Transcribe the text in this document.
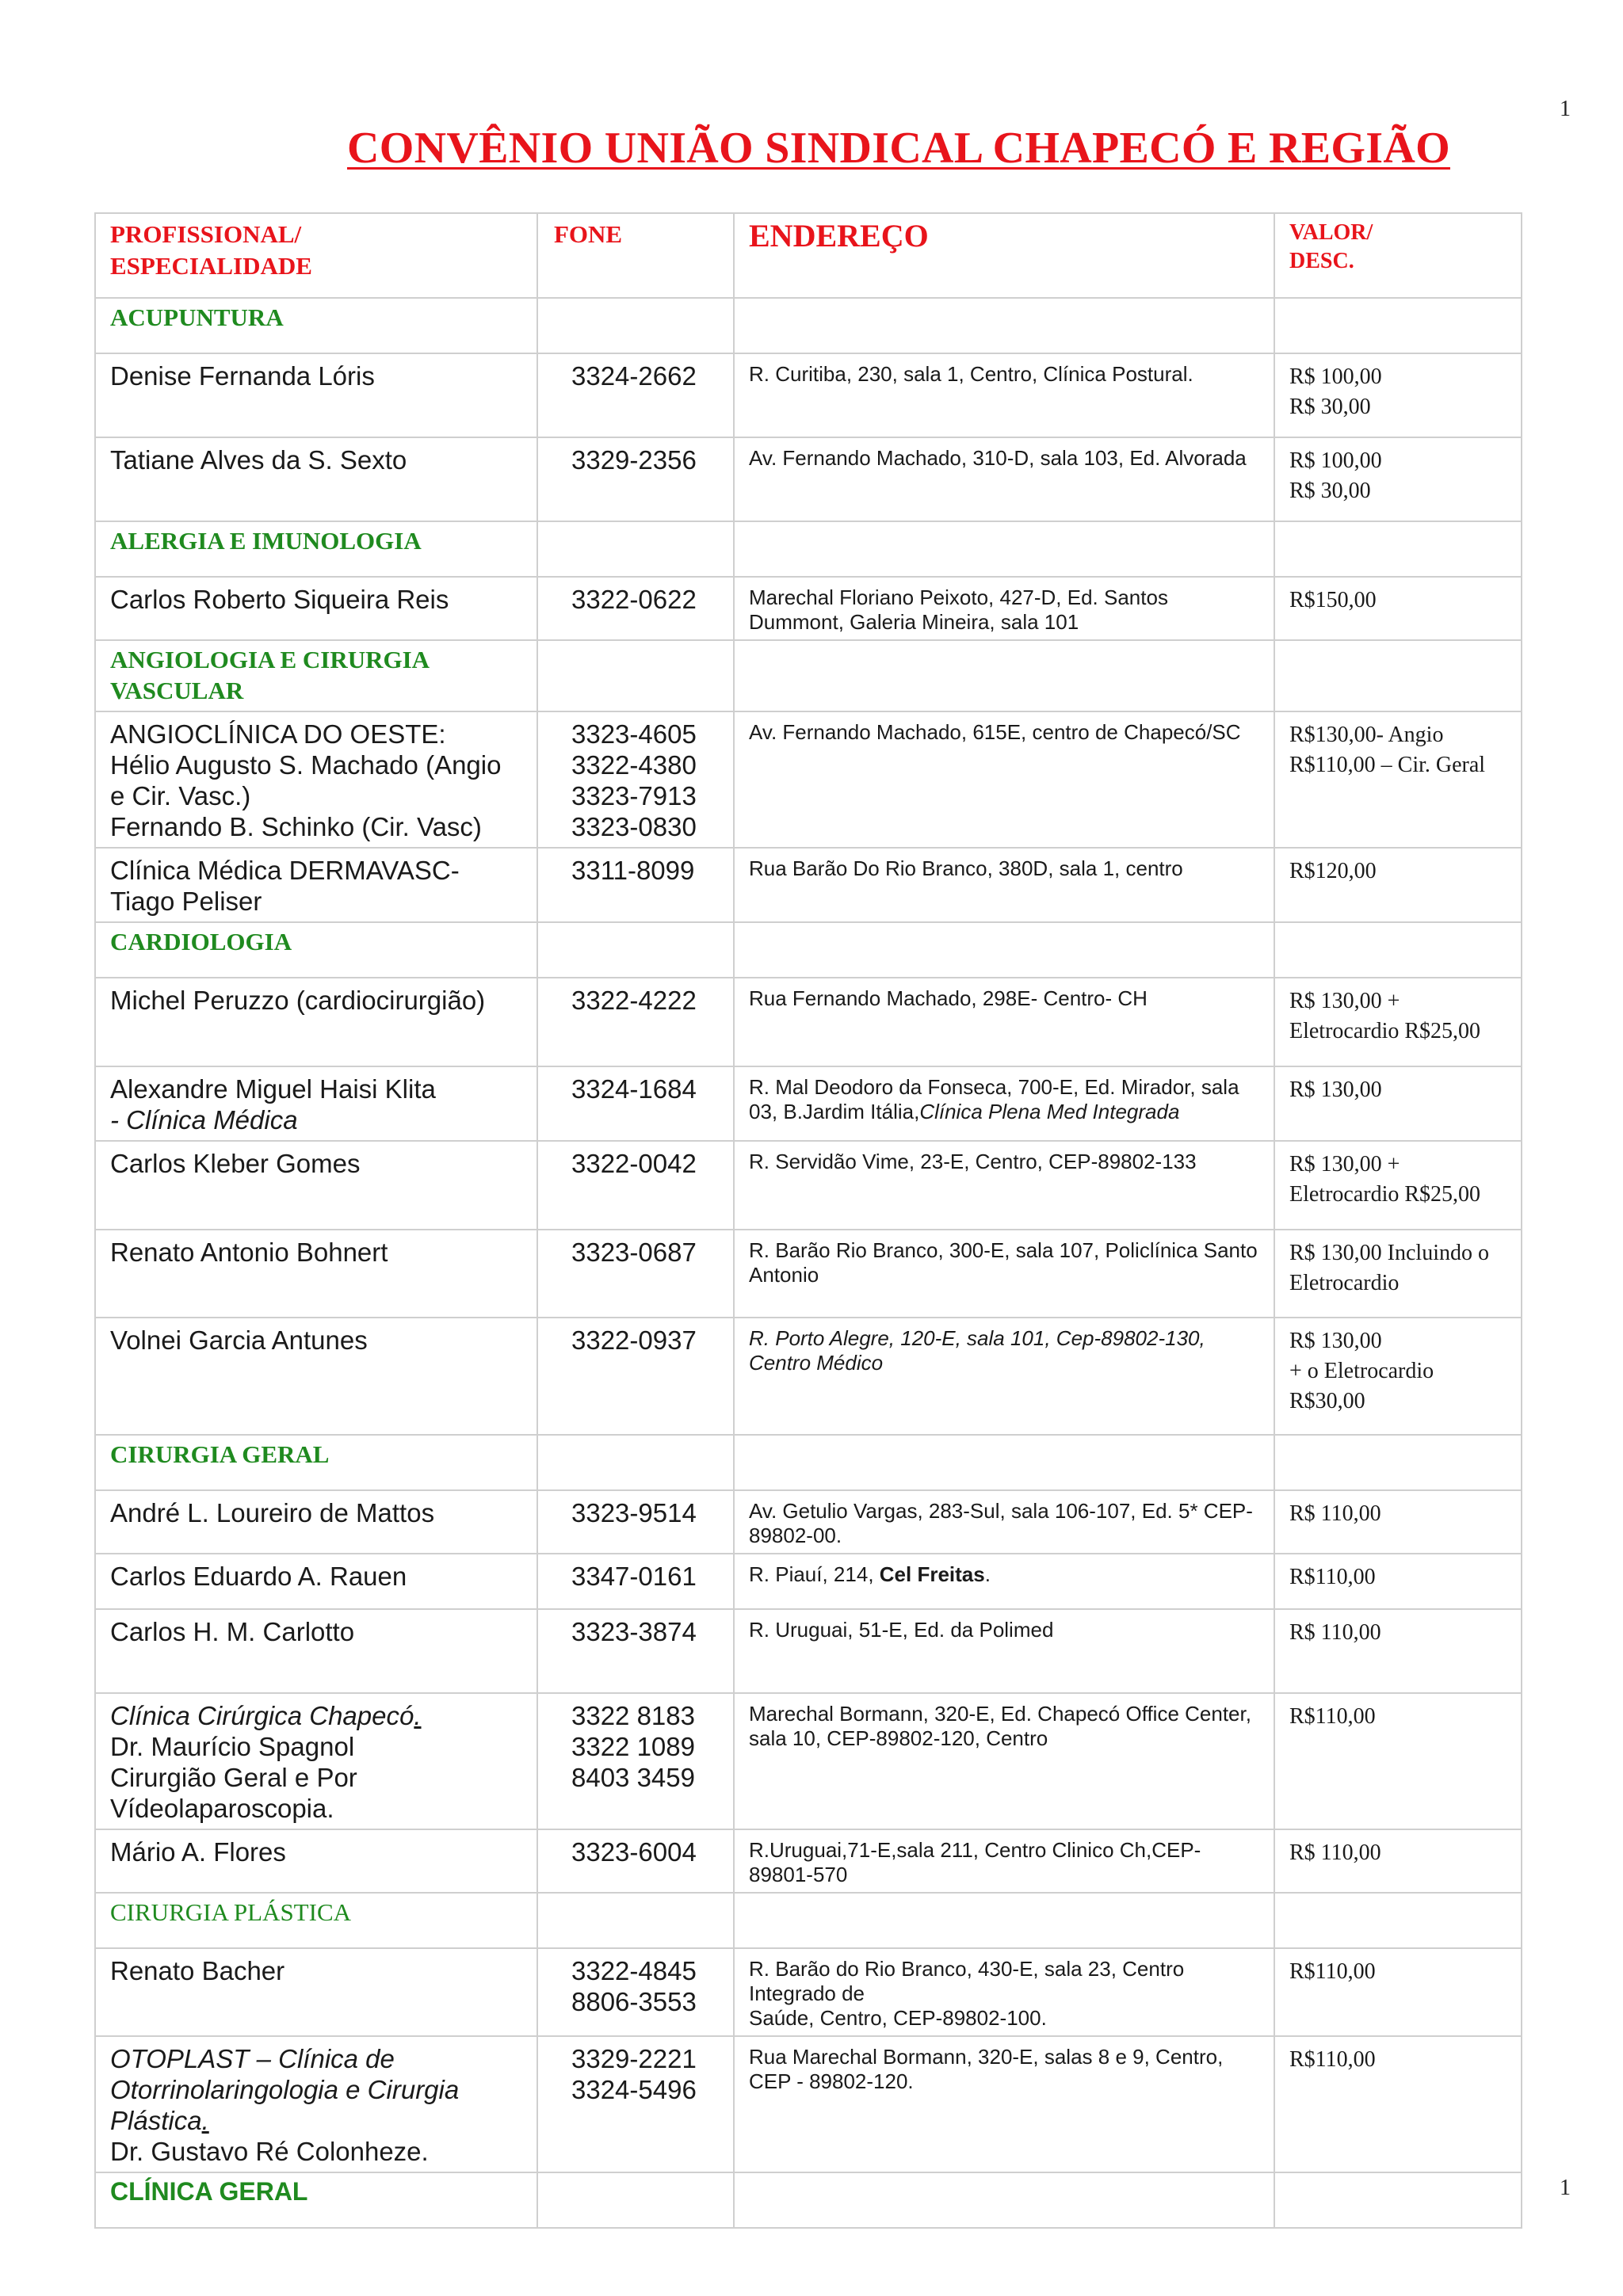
1
CONVÊNIO UNIÃO SINDICAL CHAPECÓ E REGIÃO
PROFISSIONAL/
ESPECIALIDADE	FONE	ENDEREÇO	VALOR/
DESC.
ACUPUNTURA			
Denise Fernanda Lóris	3324-2662	R. Curitiba, 230, sala 1, Centro, Clínica Postural.	R$ 100,00
R$ 30,00
Tatiane Alves da S. Sexto	3329-2356	Av. Fernando Machado, 310-D, sala 103, Ed. Alvorada	R$ 100,00
R$ 30,00
ALERGIA E IMUNOLOGIA			
Carlos Roberto Siqueira Reis	3322-0622	Marechal Floriano Peixoto, 427-D, Ed. Santos Dummont, Galeria Mineira, sala 101	R$150,00
ANGIOLOGIA E CIRURGIA VASCULAR			
ANGIOCLÍNICA DO OESTE:
Hélio Augusto S. Machado (Angio e Cir. Vasc.)
Fernando B. Schinko (Cir. Vasc)	3323-4605
3322-4380
3323-7913
3323-0830	Av. Fernando Machado, 615E, centro de Chapecó/SC	R$130,00- Angio
R$110,00 – Cir. Geral
Clínica Médica DERMAVASC- Tiago Peliser	3311-8099	Rua Barão Do Rio Branco, 380D, sala 1, centro	R$120,00
CARDIOLOGIA			
Michel Peruzzo (cardiocirurgião)	3322-4222	Rua Fernando Machado, 298E- Centro- CH	R$ 130,00 +
Eletrocardio R$25,00
Alexandre Miguel Haisi Klita
- Clínica Médica	3324-1684	R. Mal Deodoro da Fonseca, 700-E, Ed. Mirador, sala 03, B.Jardim Itália,Clínica Plena Med Integrada	R$ 130,00
Carlos Kleber Gomes	3322-0042	R. Servidão Vime, 23-E, Centro, CEP-89802-133	R$ 130,00 +
Eletrocardio R$25,00
Renato Antonio Bohnert	3323-0687	R. Barão Rio Branco, 300-E, sala 107, Policlínica Santo Antonio	R$ 130,00 Incluindo o Eletrocardio
Volnei Garcia Antunes	3322-0937	R. Porto Alegre, 120-E, sala 101, Cep-89802-130, Centro Médico	R$ 130,00
+ o Eletrocardio
R$30,00
CIRURGIA GERAL			
André L. Loureiro de Mattos	3323-9514	Av. Getulio Vargas, 283-Sul, sala 106-107, Ed. 5* CEP-89802-00.	R$ 110,00
Carlos Eduardo A. Rauen	3347-0161	R. Piauí, 214, Cel Freitas.	R$110,00
Carlos H. M. Carlotto	3323-3874	R. Uruguai, 51-E, Ed. da Polimed	R$ 110,00
Clínica Cirúrgica Chapecó.
Dr. Maurício Spagnol
Cirurgião Geral e Por Vídeolaparoscopia.	3322 8183
3322 1089
8403 3459	Marechal Bormann, 320-E, Ed. Chapecó Office Center, sala 10, CEP-89802-120, Centro	R$110,00
Mário A. Flores	3323-6004	R.Uruguai,71-E,sala 211, Centro Clinico Ch,CEP-89801-570	R$ 110,00
CIRURGIA PLÁSTICA			
Renato Bacher	3322-4845
8806-3553	R. Barão do Rio Branco, 430-E, sala 23, Centro Integrado de
Saúde, Centro, CEP-89802-100.	R$110,00
OTOPLAST – Clínica de Otorrinolaringologia e Cirurgia Plástica.
Dr. Gustavo Ré Colonheze.	3329-2221
3324-5496	Rua Marechal Bormann, 320-E, salas 8 e 9, Centro, CEP - 89802-120.	R$110,00
CLÍNICA GERAL				1
